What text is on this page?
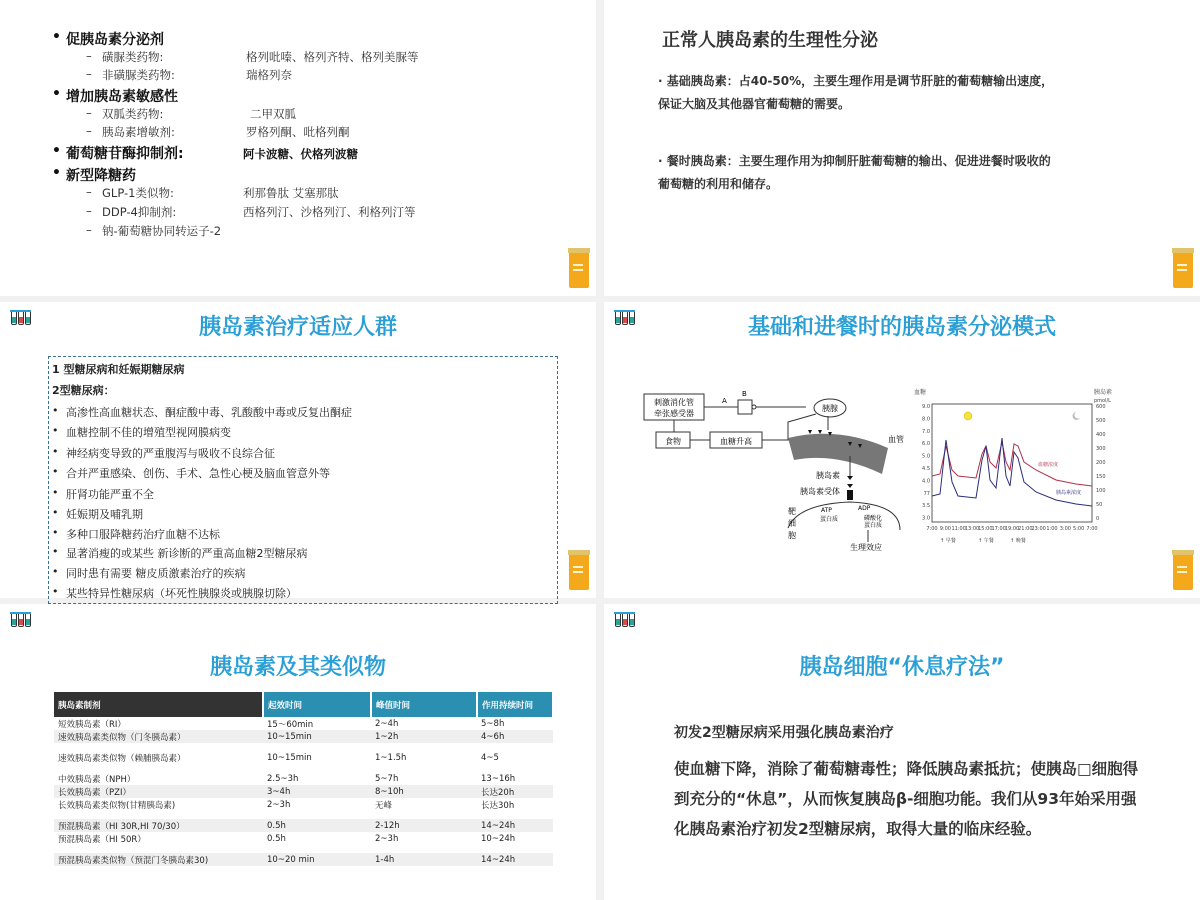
• 促胰岛素分泌剂
– 磺脲类药物:	格列吡嗪、格列齐特、格列美脲等
– 非磺脲类药物:	瑞格列奈
• 增加胰岛素敏感性
– 双胍类药物:	二甲双胍
– 胰岛素增敏剂:	罗格列酮、吡格列酮
• 葡萄糖苷酶抑制剂:	阿卡波糖、伏格列波糖
• 新型降糖药
– GLP-1类似物:	利那鲁肽 艾塞那肽
– DDP-4抑制剂:	西格列汀、沙格列汀、利格列汀等
– 钠-葡萄糖协同转运子-2
正常人胰岛素的生理性分泌
· 基础胰岛素：占40-50%，主要生理作用是调节肝脏的葡萄糖输出速度，保证大脑及其他器官葡萄糖的需要。
· 餐时胰岛素：主要生理作用为抑制肝脏葡萄糖的输出、促进进餐时吸收的葡萄糖的利用和储存。
胰岛素治疗适应人群
1 型糖尿病和妊娠期糖尿病
2型糖尿病：
高渗性高血糖状态、酮症酸中毒、乳酸酸中毒或反复出酮症
血糖控制不佳的增殖型视网膜病变
神经病变导致的严重腹泻与吸收不良综合征
合并严重感染、创伤、手术、急性心梗及脑血管意外等
肝肾功能严重不全
妊娠期及哺乳期
多种口服降糖药治疗血糖不达标
显著消瘦的或某些 新诊断的严重高血糖2型糖尿病
同时患有需要 糖皮质激素治疗的疾病
某些特异性糖尿病（坏死性胰腺炎或胰腺切除）
基础和进餐时的胰岛素分泌模式
刺激消化管
牵张感受器
A
B
胰腺
食物	血糖升高	血管
胰岛素
胰岛素受体
ATP	ADP
蛋白质	磷酸化
蛋白质
生理效应
靶
细
胞
血糖	胰岛素
pmol/L
9.0
8.0
7.0
6.0
5.0
4.5
4.0
77
3.5
3.0
600
500
400
300
200
150
100
50
0
血糖浓度
胰岛素浓度
7:00 9:00 11:00
13:00
15:00
17:00
19:00
21:00
23:00 1:00 3:00 5:00 7:00
↑ 早餐	↑ 午餐	↑ 晚餐
胰岛素及其类似物
胰岛素制剂	起效时间	峰值时间	作用持续时间
短效胰岛素（RI）	15～60min	2~4h	5~8h
速效胰岛素类似物（门冬胰岛素）	10~15min	1~2h	4~6h

速效胰岛素类似物（赖脯胰岛素）	10~15min	1~1.5h	4~5

中效胰岛素（NPH）	2.5~3h	5~7h	13~16h
长效胰岛素（PZI）	3~4h	8~10h	长达20h
长效胰岛素类似物(甘精胰岛素)	2~3h	无峰	长达30h

预混胰岛素（HI 30R,HI 70/30）	0.5h	2-12h	14~24h
预混胰岛素（HI 50R）	0.5h	2~3h	10~24h

预混胰岛素类似物（预混门冬胰岛素30)	10~20 min	1-4h	14~24h
胰岛细胞“休息疗法”
初发2型糖尿病采用强化胰岛素治疗
使血糖下降，消除了葡萄糖毒性；降低胰岛素抵抗；使胰岛□细胞得到充分的“休息”，从而恢复胰岛β-细胞功能。我们从93年始采用强化胰岛素治疗初发2型糖尿病，取得大量的临床经验。
